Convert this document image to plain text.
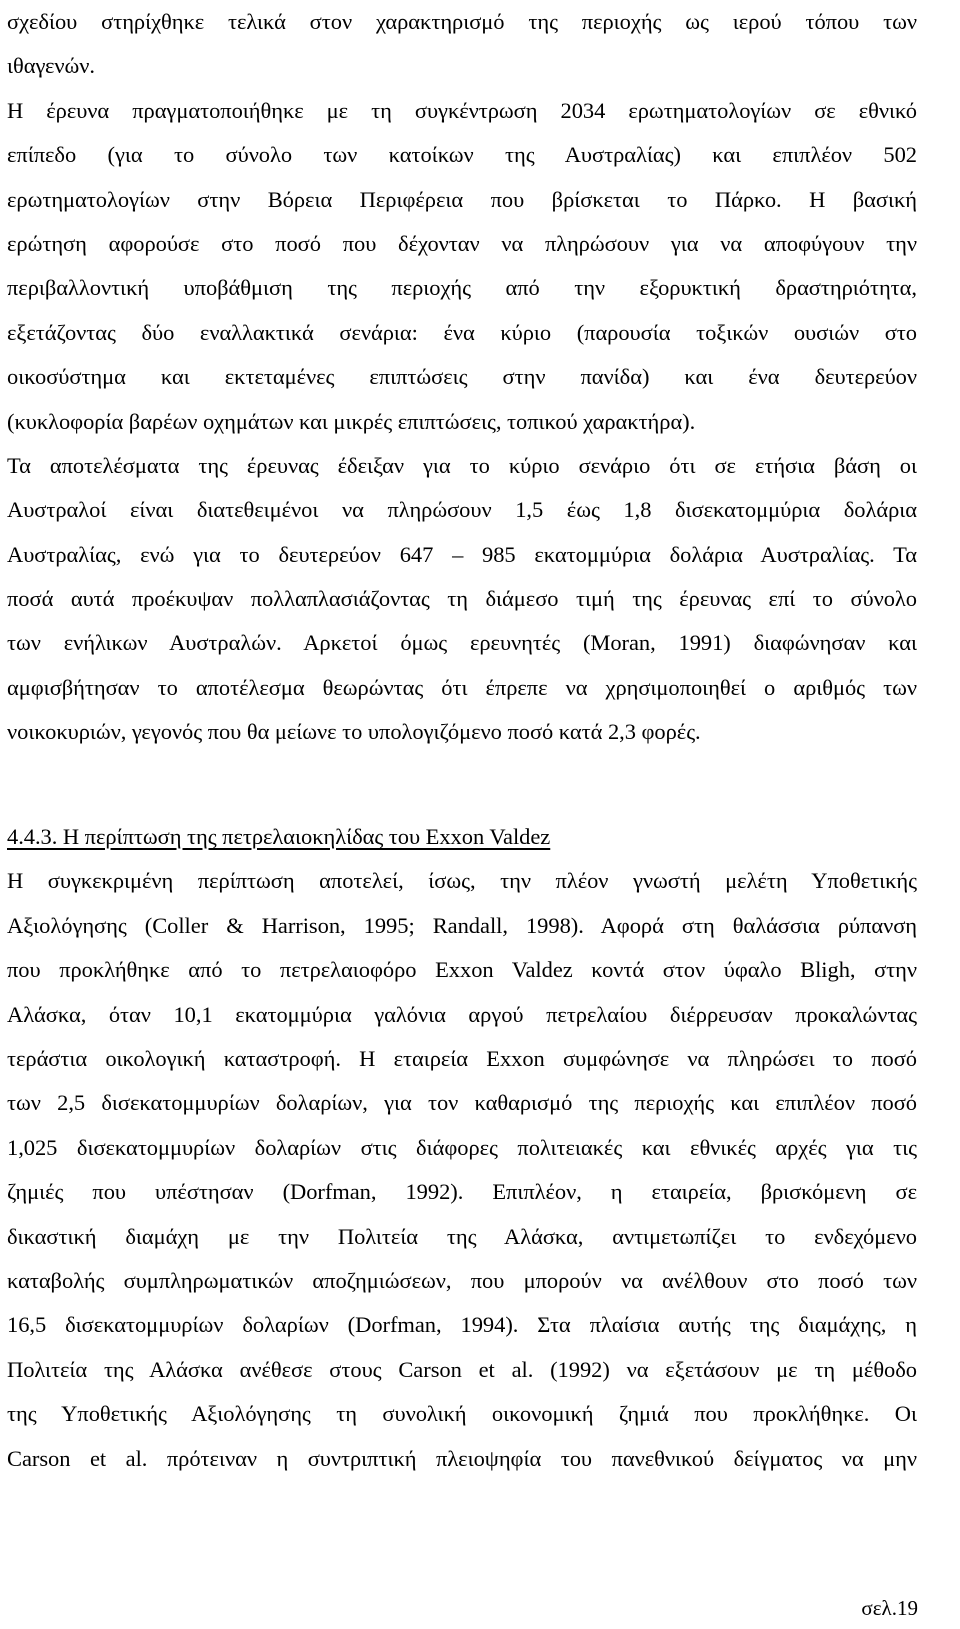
σχεδίου στηρίχθηκε τελικά στον χαρακτηρισμό της περιοχής ως ιερού τόπου των
ιθαγενών.
Η έρευνα πραγματοποιήθηκε με τη συγκέντρωση 2034 ερωτηματολογίων σε εθνικό
επίπεδο (για το σύνολο των κατοίκων της Αυστραλίας) και επιπλέον 502
ερωτηματολογίων στην Βόρεια Περιφέρεια που βρίσκεται το Πάρκο. Η βασική
ερώτηση αφορούσε στο ποσό που δέχονταν να πληρώσουν για να αποφύγουν την
περιβαλλοντική υποβάθμιση της περιοχής από την εξορυκτική δραστηριότητα,
εξετάζοντας δύο εναλλακτικά σενάρια: ένα κύριο (παρουσία τοξικών ουσιών στο
οικοσύστημα και εκτεταμένες επιπτώσεις στην πανίδα) και ένα δευτερεύον
(κυκλοφορία βαρέων οχημάτων και μικρές επιπτώσεις, τοπικού χαρακτήρα).
Τα αποτελέσματα της έρευνας έδειξαν για το κύριο σενάριο ότι σε ετήσια βάση οι
Αυστραλοί είναι διατεθειμένοι να πληρώσουν 1,5 έως 1,8 δισεκατομμύρια δολάρια
Αυστραλίας, ενώ για το δευτερεύον 647 – 985 εκατομμύρια δολάρια Αυστραλίας. Τα
ποσά αυτά προέκυψαν πολλαπλασιάζοντας τη διάμεσο τιμή της έρευνας επί το σύνολο
των ενήλικων Αυστραλών. Αρκετοί όμως ερευνητές (Moran, 1991) διαφώνησαν και
αμφισβήτησαν το αποτέλεσμα θεωρώντας ότι έπρεπε να χρησιμοποιηθεί ο αριθμός των
νοικοκυριών, γεγονός που θα μείωνε το υπολογιζόμενο ποσό κατά 2,3 φορές.
4.4.3. Η περίπτωση της πετρελαιοκηλίδας του Exxon Valdez
Η συγκεκριμένη περίπτωση αποτελεί, ίσως, την πλέον γνωστή μελέτη Υποθετικής
Αξιολόγησης (Coller & Harrison, 1995; Randall, 1998). Αφορά στη θαλάσσια ρύπανση
που προκλήθηκε από το πετρελαιοφόρο Exxon Valdez κοντά στον ύφαλο Bligh, στην
Αλάσκα, όταν 10,1 εκατομμύρια γαλόνια αργού πετρελαίου διέρρευσαν προκαλώντας
τεράστια οικολογική καταστροφή. Η εταιρεία Exxon συμφώνησε να πληρώσει το ποσό
των 2,5 δισεκατομμυρίων δολαρίων, για τον καθαρισμό της περιοχής και επιπλέον ποσό
1,025 δισεκατομμυρίων δολαρίων στις διάφορες πολιτειακές και εθνικές αρχές για τις
ζημιές που υπέστησαν (Dorfman, 1992). Επιπλέον, η εταιρεία, βρισκόμενη σε
δικαστική διαμάχη με την Πολιτεία της Αλάσκα, αντιμετωπίζει το ενδεχόμενο
καταβολής συμπληρωματικών αποζημιώσεων, που μπορούν να ανέλθουν στο ποσό των
16,5 δισεκατομμυρίων δολαρίων (Dorfman, 1994). Στα πλαίσια αυτής της διαμάχης, η
Πολιτεία της Αλάσκα ανέθεσε στους Carson et al. (1992) να εξετάσουν με τη μέθοδο
της Υποθετικής Αξιολόγησης τη συνολική οικονομική ζημιά που προκλήθηκε. Οι
Carson et al. πρότειναν η συντριπτική πλειοψηφία του πανεθνικού δείγματος να μην
σελ.19
